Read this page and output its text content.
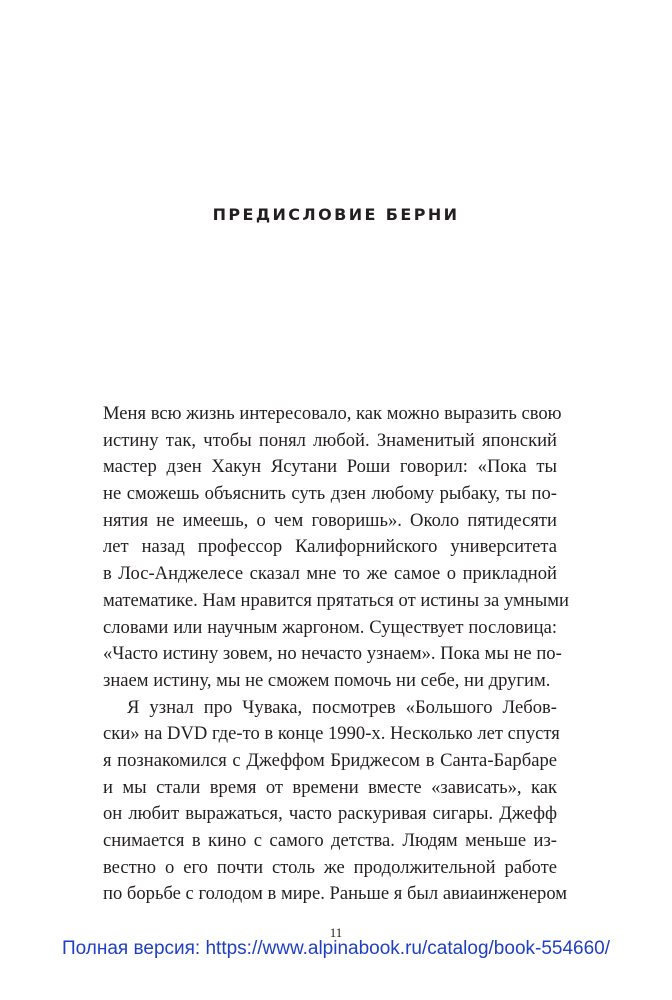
ПРЕДИСЛОВИЕ БЕРНИ
Меня всю жизнь интересовало, как можно выразить свою
истину так, чтобы понял любой. Знаменитый японский
мастер дзен Хакун Ясутани Роши говорил: «Пока ты
не сможешь объяснить суть дзен любому рыбаку, ты по-
нятия не имеешь, о чем говоришь». Около пятидесяти
лет назад профессор Калифорнийского университета
в Лос-Анджелесе сказал мне то же самое о прикладной
математике. Нам нравится прятаться от истины за умными
словами или научным жаргоном. Существует пословица:
«Часто истину зовем, но нечасто узнаем». Пока мы не по-
знаем истину, мы не сможем помочь ни себе, ни другим.
Я узнал про Чувака, посмотрев «Большого Лебов-
ски» на DVD где-то в конце 1990-х. Несколько лет спустя
я познакомился с Джеффом Бриджесом в Санта-Барбаре
и мы стали время от времени вместе «зависать», как
он любит выражаться, часто раскуривая сигары. Джефф
снимается в кино с самого детства. Людям меньше из-
вестно о его почти столь же продолжительной работе
по борьбе с голодом в мире. Раньше я был авиаинженером
11
Полная версия: https://www.alpinabook.ru/catalog/book-554660/
